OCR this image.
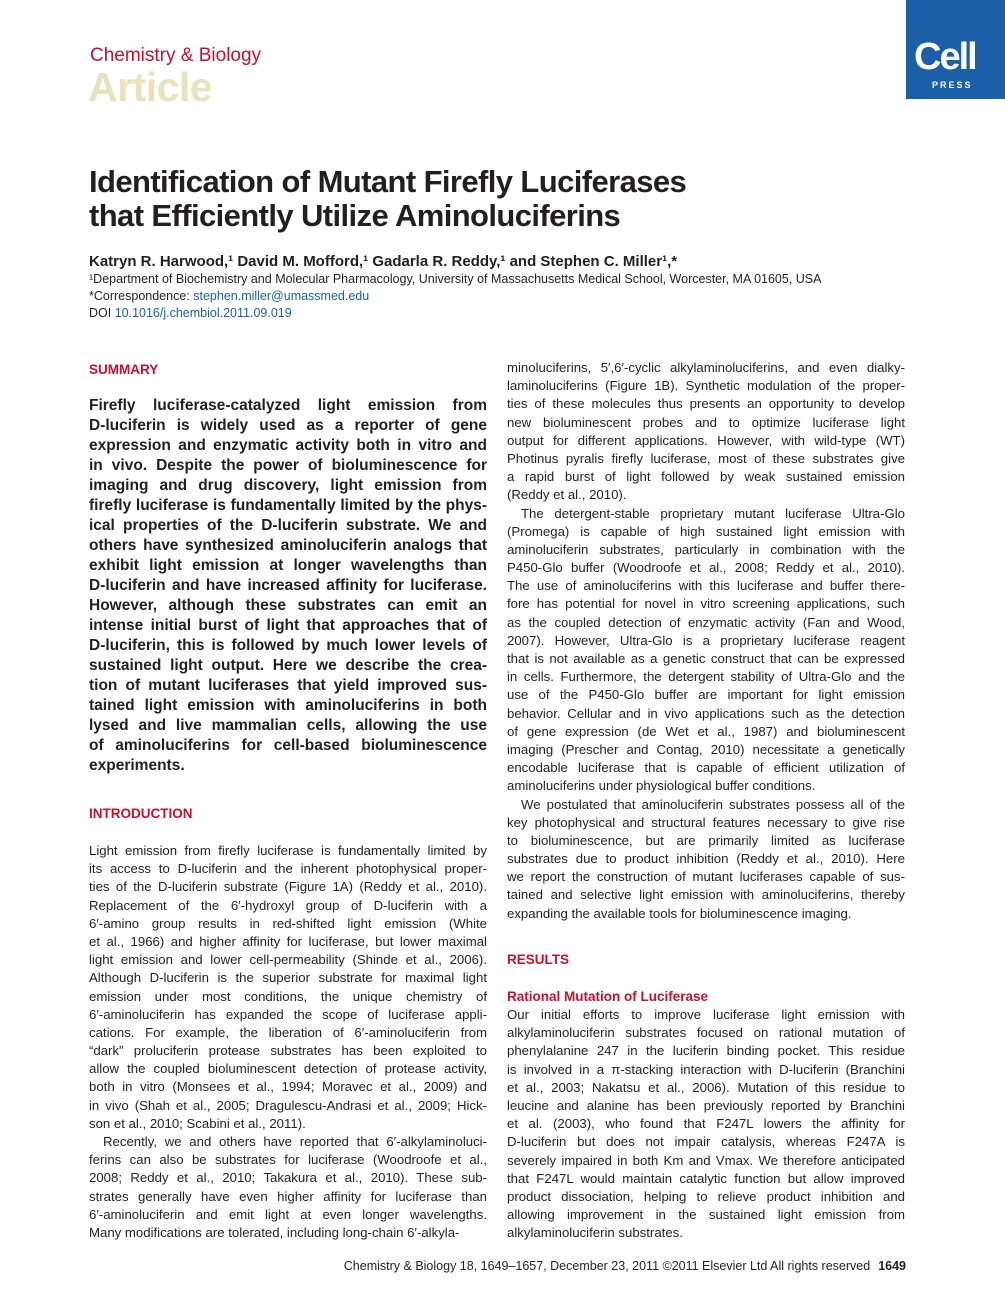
Chemistry & Biology
Article
Cell
PRESS
Identification of Mutant Firefly Luciferases
that Efficiently Utilize Aminoluciferins
Katryn R. Harwood,¹ David M. Mofford,¹ Gadarla R. Reddy,¹ and Stephen C. Miller¹,*
¹Department of Biochemistry and Molecular Pharmacology, University of Massachusetts Medical School, Worcester, MA 01605, USA
*Correspondence: stephen.miller@umassmed.edu
DOI 10.1016/j.chembiol.2011.09.019
SUMMARY
Firefly luciferase-catalyzed light emission from
D-luciferin is widely used as a reporter of gene
expression and enzymatic activity both in vitro and
in vivo. Despite the power of bioluminescence for
imaging and drug discovery, light emission from
firefly luciferase is fundamentally limited by the phys-
ical properties of the D-luciferin substrate. We and
others have synthesized aminoluciferin analogs that
exhibit light emission at longer wavelengths than
D-luciferin and have increased affinity for luciferase.
However, although these substrates can emit an
intense initial burst of light that approaches that of
D-luciferin, this is followed by much lower levels of
sustained light output. Here we describe the crea-
tion of mutant luciferases that yield improved sus-
tained light emission with aminoluciferins in both
lysed and live mammalian cells, allowing the use
of aminoluciferins for cell-based bioluminescence
experiments.
INTRODUCTION
Light emission from firefly luciferase is fundamentally limited by
its access to D-luciferin and the inherent photophysical proper-
ties of the D-luciferin substrate (Figure 1A) (Reddy et al., 2010).
Replacement of the 6′-hydroxyl group of D-luciferin with a
6′-amino group results in red-shifted light emission (White
et al., 1966) and higher affinity for luciferase, but lower maximal
light emission and lower cell-permeability (Shinde et al., 2006).
Although D-luciferin is the superior substrate for maximal light
emission under most conditions, the unique chemistry of
6′-aminoluciferin has expanded the scope of luciferase appli-
cations. For example, the liberation of 6′-aminoluciferin from
“dark” proluciferin protease substrates has been exploited to
allow the coupled bioluminescent detection of protease activity,
both in vitro (Monsees et al., 1994; Moravec et al., 2009) and
in vivo (Shah et al., 2005; Dragulescu-Andrasi et al., 2009; Hick-
son et al., 2010; Scabini et al., 2011).
Recently, we and others have reported that 6′-alkylaminoluci-
ferins can also be substrates for luciferase (Woodroofe et al.,
2008; Reddy et al., 2010; Takakura et al., 2010). These sub-
strates generally have even higher affinity for luciferase than
6′-aminoluciferin and emit light at even longer wavelengths.
Many modifications are tolerated, including long-chain 6′-alkyla-
minoluciferins, 5′,6′-cyclic alkylaminoluciferins, and even dialky-
laminoluciferins (Figure 1B). Synthetic modulation of the proper-
ties of these molecules thus presents an opportunity to develop
new bioluminescent probes and to optimize luciferase light
output for different applications. However, with wild-type (WT)
Photinus pyralis firefly luciferase, most of these substrates give
a rapid burst of light followed by weak sustained emission
(Reddy et al., 2010).
The detergent-stable proprietary mutant luciferase Ultra-Glo
(Promega) is capable of high sustained light emission with
aminoluciferin substrates, particularly in combination with the
P450-Glo buffer (Woodroofe et al., 2008; Reddy et al., 2010).
The use of aminoluciferins with this luciferase and buffer there-
fore has potential for novel in vitro screening applications, such
as the coupled detection of enzymatic activity (Fan and Wood,
2007). However, Ultra-Glo is a proprietary luciferase reagent
that is not available as a genetic construct that can be expressed
in cells. Furthermore, the detergent stability of Ultra-Glo and the
use of the P450-Glo buffer are important for light emission
behavior. Cellular and in vivo applications such as the detection
of gene expression (de Wet et al., 1987) and bioluminescent
imaging (Prescher and Contag, 2010) necessitate a genetically
encodable luciferase that is capable of efficient utilization of
aminoluciferins under physiological buffer conditions.
We postulated that aminoluciferin substrates possess all of the
key photophysical and structural features necessary to give rise
to bioluminescence, but are primarily limited as luciferase
substrates due to product inhibition (Reddy et al., 2010). Here
we report the construction of mutant luciferases capable of sus-
tained and selective light emission with aminoluciferins, thereby
expanding the available tools for bioluminescence imaging.
RESULTS
Rational Mutation of Luciferase
Our initial efforts to improve luciferase light emission with
alkylaminoluciferin substrates focused on rational mutation of
phenylalanine 247 in the luciferin binding pocket. This residue
is involved in a π-stacking interaction with D-luciferin (Branchini
et al., 2003; Nakatsu et al., 2006). Mutation of this residue to
leucine and alanine has been previously reported by Branchini
et al. (2003), who found that F247L lowers the affinity for
D-luciferin but does not impair catalysis, whereas F247A is
severely impaired in both Km and Vmax. We therefore anticipated
that F247L would maintain catalytic function but allow improved
product dissociation, helping to relieve product inhibition and
allowing improvement in the sustained light emission from
alkylaminoluciferin substrates.
Chemistry & Biology 18, 1649–1657, December 23, 2011 ©2011 Elsevier Ltd All rights reserved 1649
